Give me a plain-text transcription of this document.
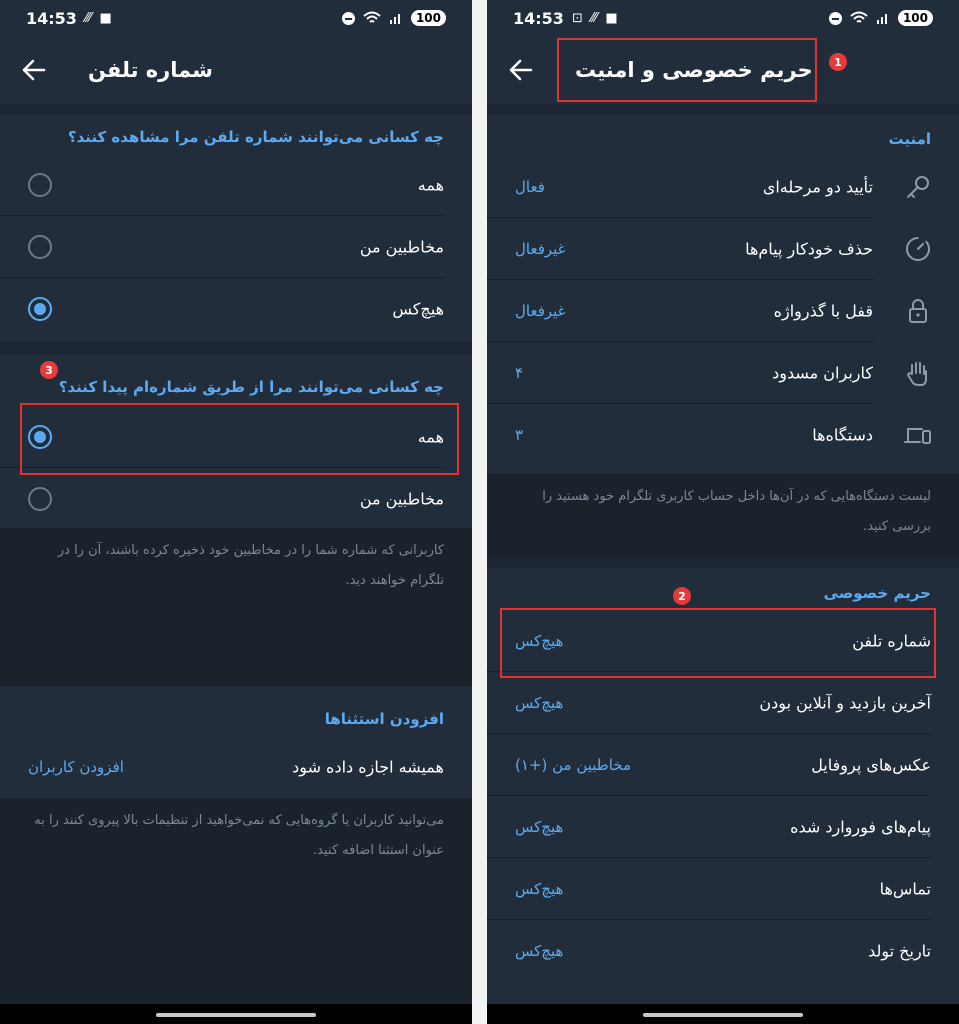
14:53 ⁄⁄⁄ ■	100
شماره تلفن
چه کسانی می‌توانند شماره تلفن مرا مشاهده کنند؟
همه
مخاطبین من
هیچ‌کس
چه کسانی می‌توانند مرا از طریق شماره‌ام پیدا کنند؟
همه
مخاطبین من
3
کاربرانی که شماره شما را در مخاطبین خود ذخیره کرده باشند، آن را در تلگرام خواهند دید.
افزودن استثناها
همیشه اجازه داده شود
افزودن کاربران
می‌توانید کاربران یا گروه‌هایی که نمی‌خواهید از تنظیمات بالا پیروی کنند را به عنوان استثنا اضافه کنید.
14:53 ⊡ ⁄⁄⁄ ■	100
حریم خصوصی و امنیت	1
امنیت
تأیید دو مرحله‌ای
فعال
حذف خودکار پیام‌ها
غیرفعال
قفل با گذرواژه
غیرفعال
کاربران مسدود
۴
دستگاه‌ها
۳
لیست دستگاه‌هایی که در آن‌ها داخل حساب کاربری تلگرام خود هستید را بررسی کنید.
حریم خصوصی
شماره تلفن
هیچ‌کس
آخرین بازدید و آنلاین بودن
هیچ‌کس
عکس‌های پروفایل
مخاطبین من (+۱)
پیام‌های فوروارد شده
هیچ‌کس
تماس‌ها
هیچ‌کس
تاریخ تولد
هیچ‌کس
2
